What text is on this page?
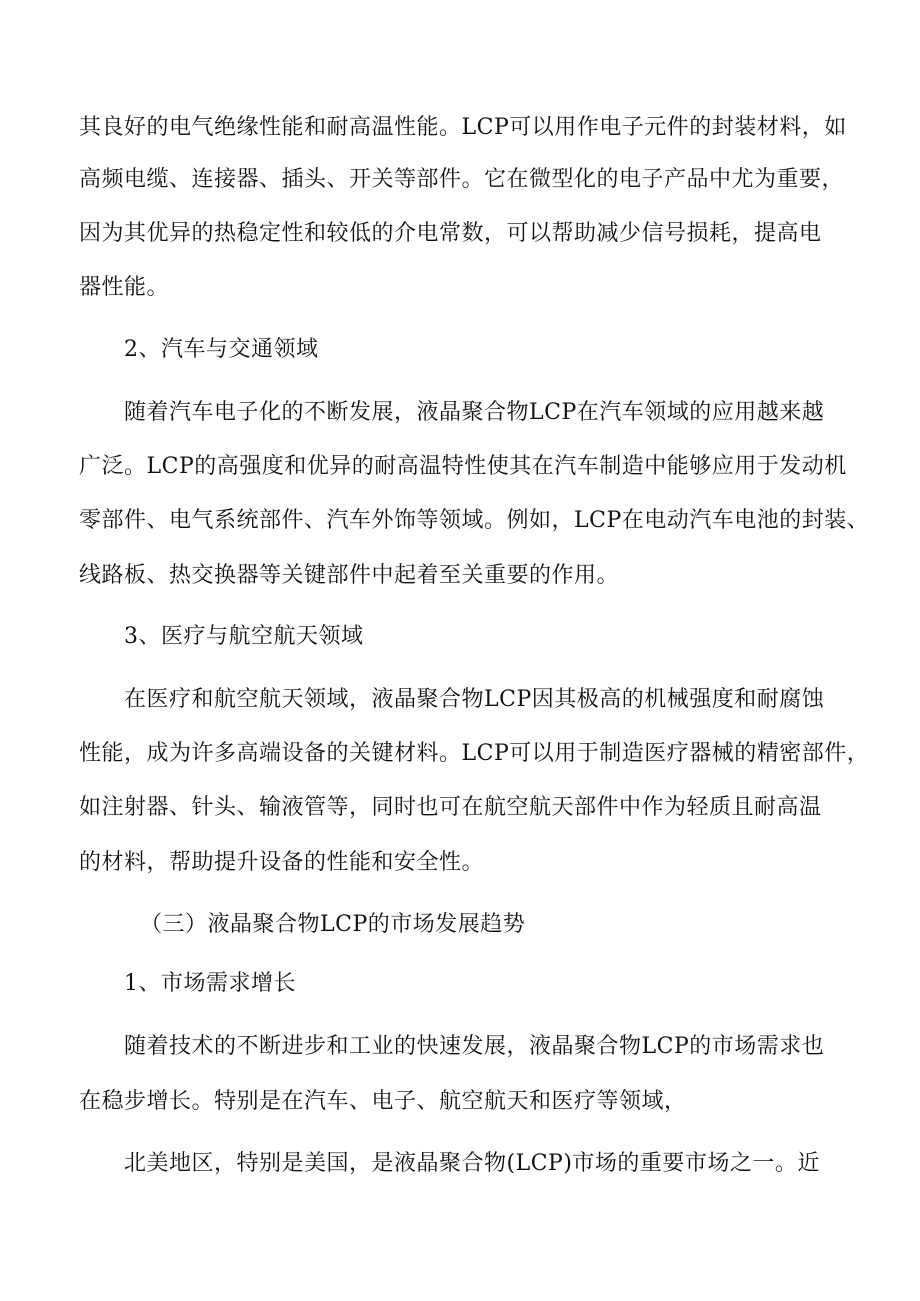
其良好的电气绝缘性能和耐高温性能。LCP可以用作电子元件的封装材料，如
高频电缆、连接器、插头、开关等部件。它在微型化的电子产品中尤为重要，
因为其优异的热稳定性和较低的介电常数，可以帮助减少信号损耗，提高电
器性能。
2、汽车与交通领域
随着汽车电子化的不断发展，液晶聚合物LCP在汽车领域的应用越来越
广泛。LCP的高强度和优异的耐高温特性使其在汽车制造中能够应用于发动机
零部件、电气系统部件、汽车外饰等领域。例如，LCP在电动汽车电池的封装、
线路板、热交换器等关键部件中起着至关重要的作用。
3、医疗与航空航天领域
在医疗和航空航天领域，液晶聚合物LCP因其极高的机械强度和耐腐蚀
性能，成为许多高端设备的关键材料。LCP可以用于制造医疗器械的精密部件，
如注射器、针头、输液管等，同时也可在航空航天部件中作为轻质且耐高温
的材料，帮助提升设备的性能和安全性。
（三）液晶聚合物LCP的市场发展趋势
1、市场需求增长
随着技术的不断进步和工业的快速发展，液晶聚合物LCP的市场需求也
在稳步增长。特别是在汽车、电子、航空航天和医疗等领域，
北美地区，特别是美国，是液晶聚合物(LCP)市场的重要市场之一。近
